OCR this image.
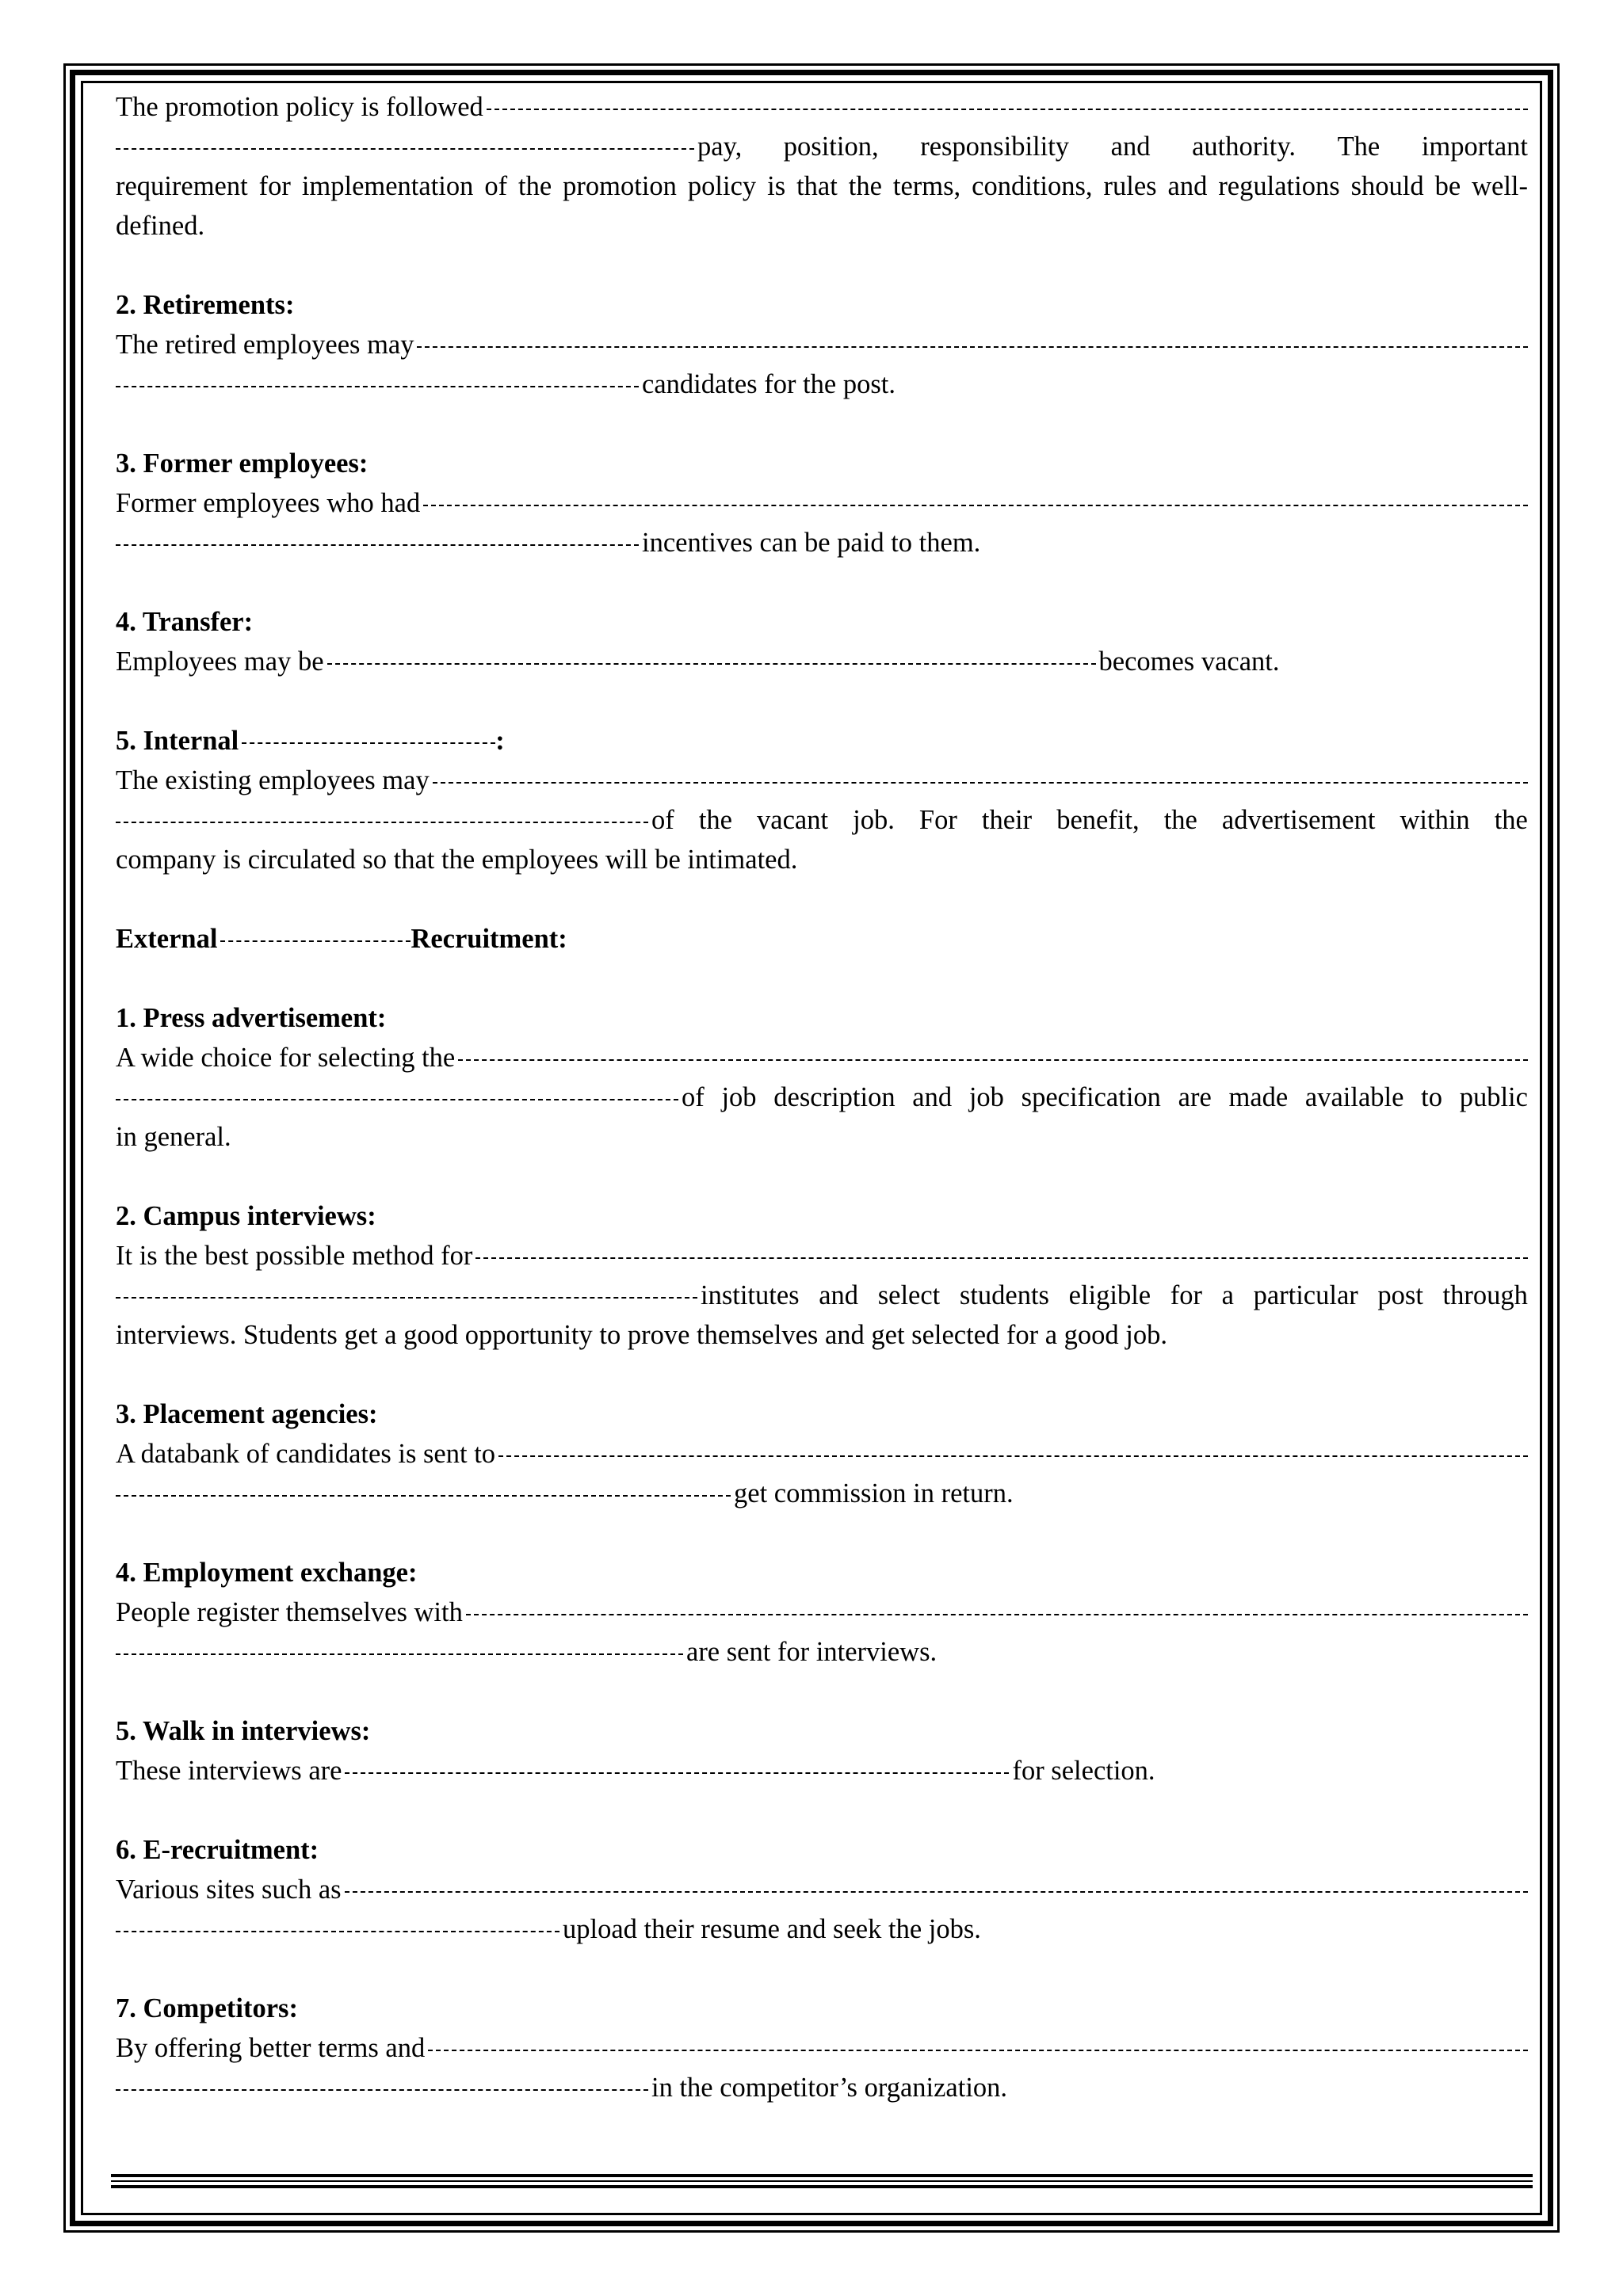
The promotion policy is followed
pay, position, responsibility and authority. The important

requirement for implementation of the promotion policy is that the terms, conditions, rules and regulations should be well-defined.

2. Retirements:

The retired employees may
candidates for the post.

3. Former employees:

Former employees who had
incentives can be paid to them.

4. Transfer:

Employees may be	becomes vacant.
5. Internal	:
The existing employees may
of the vacant job. For their benefit, the advertisement within the

company is circulated so that the employees will be intimated.

External	Recruitment:

1. Press advertisement:

A wide choice for selecting the
of job description and job specification are made available to public

in general.

2. Campus interviews:

It is the best possible method for
institutes and select students eligible for a particular post through

interviews. Students get a good opportunity to prove themselves and get selected for a good job.

3. Placement agencies:

A databank of candidates is sent to
get commission in return.

4. Employment exchange:

People register themselves with
are sent for interviews.

5. Walk in interviews:

These interviews are	for selection.

6. E-recruitment:

Various sites such as
upload their resume and seek the jobs.

7. Competitors:

By offering better terms and
in the competitor’s organization.
